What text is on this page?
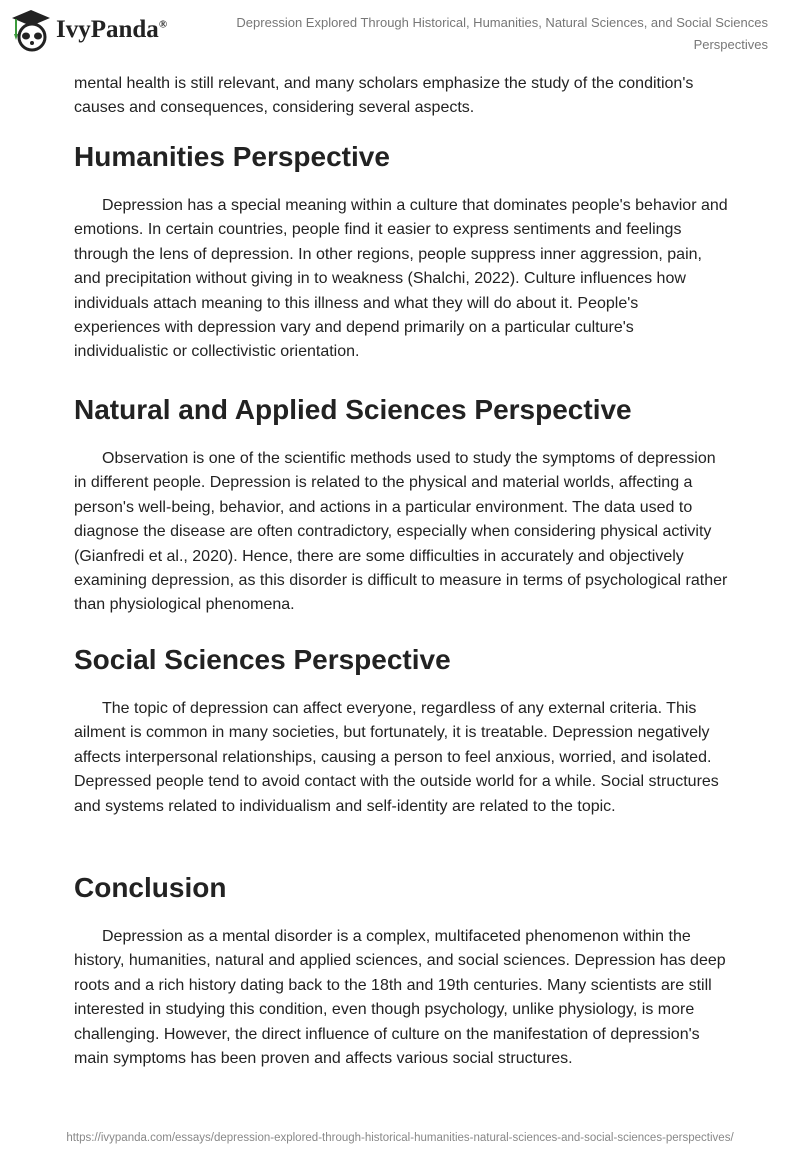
IvyPanda®	Depression Explored Through Historical, Humanities, Natural Sciences, and Social Sciences Perspectives

mental health is still relevant, and many scholars emphasize the study of the condition's causes and consequences, considering several aspects.

Humanities Perspective

Depression has a special meaning within a culture that dominates people's behavior and emotions. In certain countries, people find it easier to express sentiments and feelings through the lens of depression. In other regions, people suppress inner aggression, pain, and precipitation without giving in to weakness (Shalchi, 2022). Culture influences how individuals attach meaning to this illness and what they will do about it. People's experiences with depression vary and depend primarily on a particular culture's individualistic or collectivistic orientation.

Natural and Applied Sciences Perspective

Observation is one of the scientific methods used to study the symptoms of depression in different people. Depression is related to the physical and material worlds, affecting a person's well-being, behavior, and actions in a particular environment. The data used to diagnose the disease are often contradictory, especially when considering physical activity (Gianfredi et al., 2020). Hence, there are some difficulties in accurately and objectively examining depression, as this disorder is difficult to measure in terms of psychological rather than physiological phenomena.

Social Sciences Perspective

The topic of depression can affect everyone, regardless of any external criteria. This ailment is common in many societies, but fortunately, it is treatable. Depression negatively affects interpersonal relationships, causing a person to feel anxious, worried, and isolated. Depressed people tend to avoid contact with the outside world for a while. Social structures and systems related to individualism and self-identity are related to the topic.

Conclusion

Depression as a mental disorder is a complex, multifaceted phenomenon within the history, humanities, natural and applied sciences, and social sciences. Depression has deep roots and a rich history dating back to the 18th and 19th centuries. Many scientists are still interested in studying this condition, even though psychology, unlike physiology, is more challenging. However, the direct influence of culture on the manifestation of depression's main symptoms has been proven and affects various social structures.

https://ivypanda.com/essays/depression-explored-through-historical-humanities-natural-sciences-and-social-sciences-perspectives/
